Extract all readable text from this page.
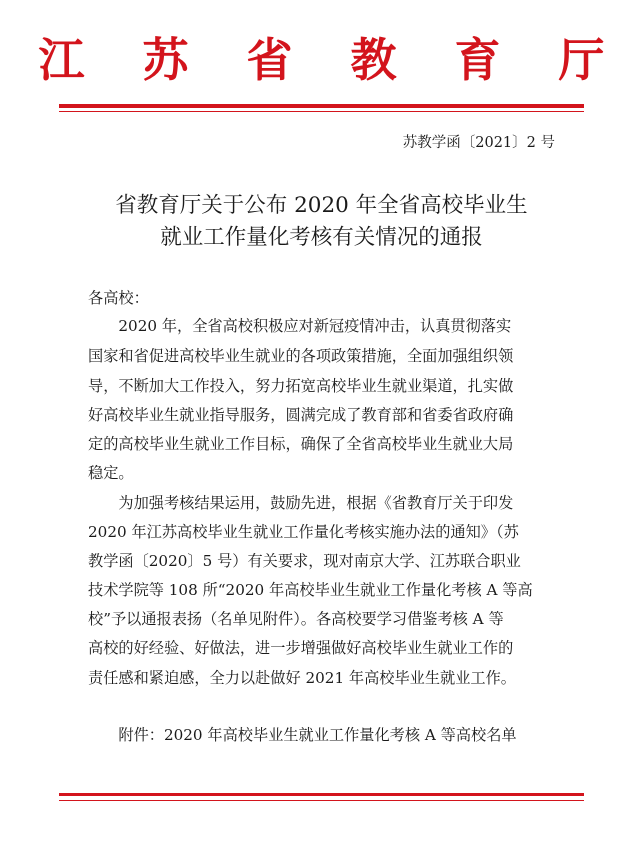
江 苏 省 教 育 厅
苏教学函〔2021〕2 号
省教育厅关于公布 2020 年全省高校毕业生
就业工作量化考核有关情况的通报
各高校：
　　2020 年，全省高校积极应对新冠疫情冲击，认真贯彻落实
国家和省促进高校毕业生就业的各项政策措施，全面加强组织领
导，不断加大工作投入，努力拓宽高校毕业生就业渠道，扎实做
好高校毕业生就业指导服务，圆满完成了教育部和省委省政府确
定的高校毕业生就业工作目标，确保了全省高校毕业生就业大局
稳定。
　　为加强考核结果运用，鼓励先进，根据《省教育厅关于印发
2020 年江苏高校毕业生就业工作量化考核实施办法的通知》（苏
教学函〔2020〕5 号）有关要求，现对南京大学、江苏联合职业
技术学院等 108 所“2020 年高校毕业生就业工作量化考核 A 等高
校”予以通报表扬（名单见附件）。各高校要学习借鉴考核 A 等
高校的好经验、好做法，进一步增强做好高校毕业生就业工作的
责任感和紧迫感，全力以赴做好 2021 年高校毕业生就业工作。
　　附件：2020 年高校毕业生就业工作量化考核 A 等高校名单
